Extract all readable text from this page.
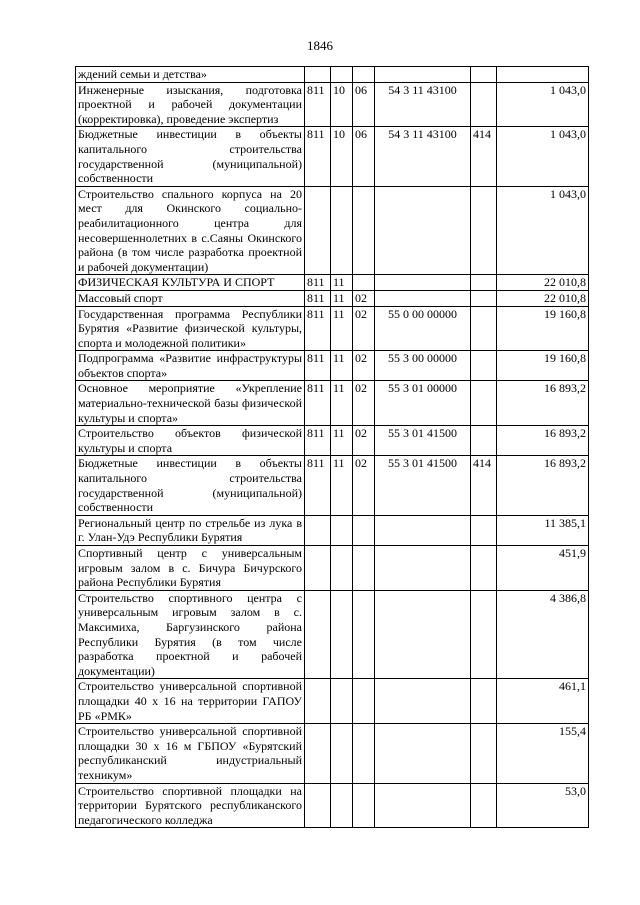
1846
ждений семьи и детства»						
Инженерные изыскания, подготовка проектной и рабочей документации (корректировка), проведение экспертиз	811	10	06	54 3 11 43100		1 043,0
Бюджетные инвестиции в объекты капитального строительства государственной (муниципальной) собственности	811	10	06	54 3 11 43100	414	1 043,0
Строительство спального корпуса на 20 мест для Окинского социально-реабилитационного центра для несовершеннолетних в с.Саяны Окинского района (в том числе разработка проектной и рабочей документации)						1 043,0
ФИЗИЧЕСКАЯ КУЛЬТУРА И СПОРТ	811	11				22 010,8
Массовый спорт	811	11	02			22 010,8
Государственная программа Республики Бурятия «Развитие физической культуры, спорта и молодежной политики»	811	11	02	55 0 00 00000		19 160,8
Подпрограмма «Развитие инфраструктуры объектов спорта»	811	11	02	55 3 00 00000		19 160,8
Основное мероприятие «Укрепление материально-технической базы физической культуры и спорта»	811	11	02	55 3 01 00000		16 893,2
Строительство объектов физической культуры и спорта	811	11	02	55 3 01 41500		16 893,2
Бюджетные инвестиции в объекты капитального строительства государственной (муниципальной) собственности	811	11	02	55 3 01 41500	414	16 893,2
Региональный центр по стрельбе из лука в г. Улан-Удэ Республики Бурятия						11 385,1
Спортивный центр с универсальным игровым залом в с. Бичура Бичурского района Республики Бурятия						451,9
Строительство спортивного центра с универсальным игровым залом в с. Максимиха, Баргузинского района Республики Бурятия (в том числе разработка проектной и рабочей документации)						4 386,8
Строительство универсальной спортивной площадки 40 х 16 на территории ГАПОУ РБ «РМК»						461,1
Строительство универсальной спортивной площадки 30 х 16 м ГБПОУ «Бурятский республиканский индустриальный техникум»						155,4
Строительство спортивной площадки на территории Бурятского республиканского педагогического колледжа						53,0
